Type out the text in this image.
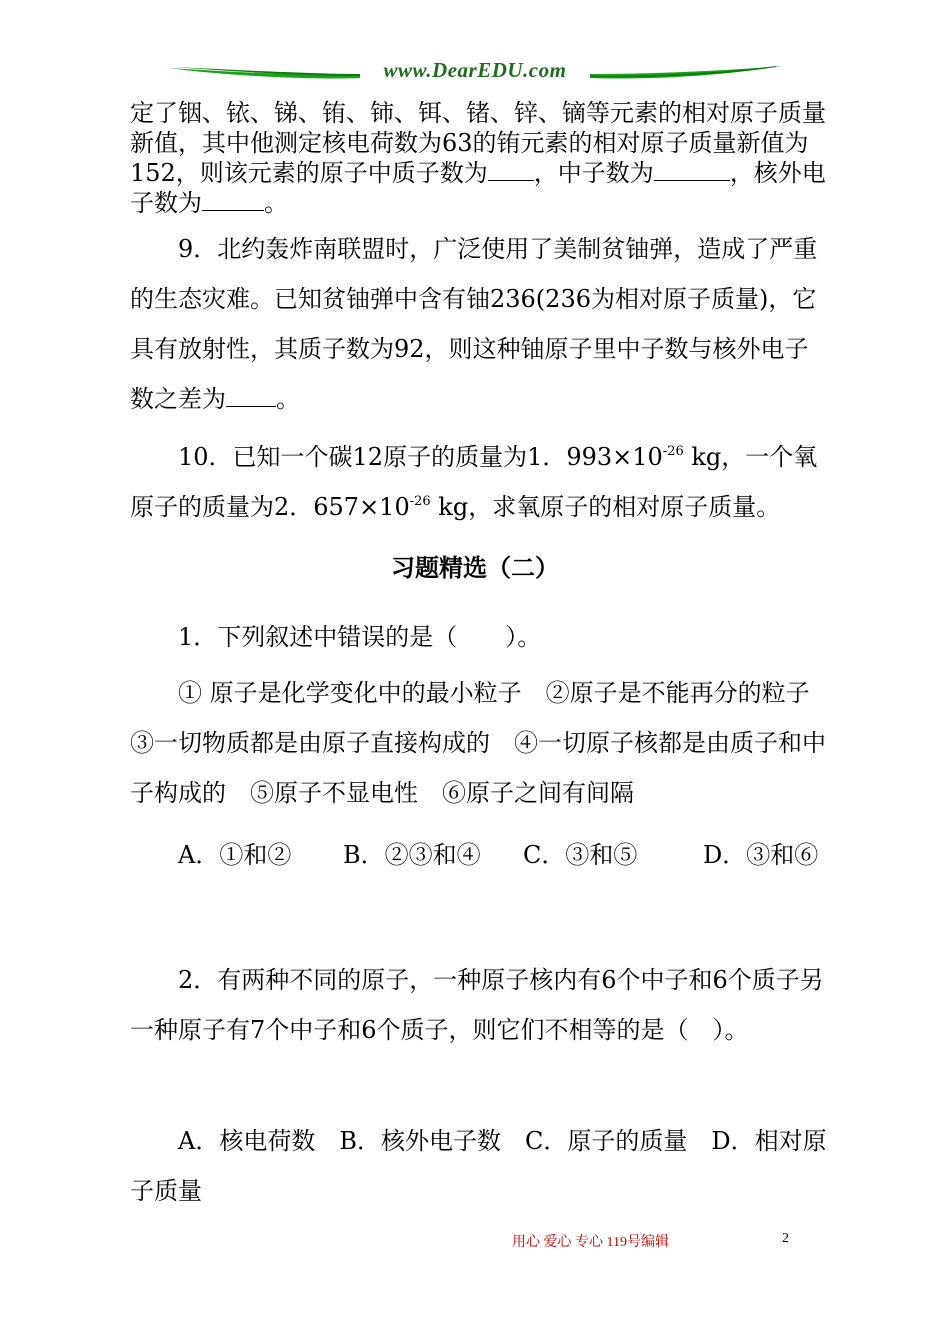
www.DearEDU.com

定了铟、铱、锑、铕、铈、铒、锗、锌、镝等元素的相对原子质量新值，其中他测定核电荷数为63的铕元素的相对原子质量新值为152，则该元素的原子中质子数为 ，中子数为	，核外电子数为	。

9．北约轰炸南联盟时，广泛使用了美制贫铀弹，造成了严重的生态灾难。已知贫铀弹中含有铀236(236为相对原子质量)，它具有放射性，其质子数为92，则这种铀原子里中子数与核外电子数之差为 。

10．已知一个碳12原子的质量为1．$993\times 10^{-26}$ kg，一个氧原子的质量为2．$657\times 10^{-26}$ kg，求氧原子的相对原子质量。

习题精选（二）

1．下列叙述中错误的是（　　）。

① 原子是化学变化中的最小粒子　②原子是不能再分的粒子　③一切物质都是由原子直接构成的　④一切原子核都是由质子和中子构成的　⑤原子不显电性　⑥原子之间有间隔

A．①和② B．②③和④ C．③和⑤	D．③和⑥

2．有两种不同的原子，一种原子核内有6个中子和6个质子另一种原子有7个中子和6个质子，则它们不相等的是（　）。

A．核电荷数　B．核外电子数　C．原子的质量　D．相对原子质量

用心 爱心 专心 119号编辑	2
